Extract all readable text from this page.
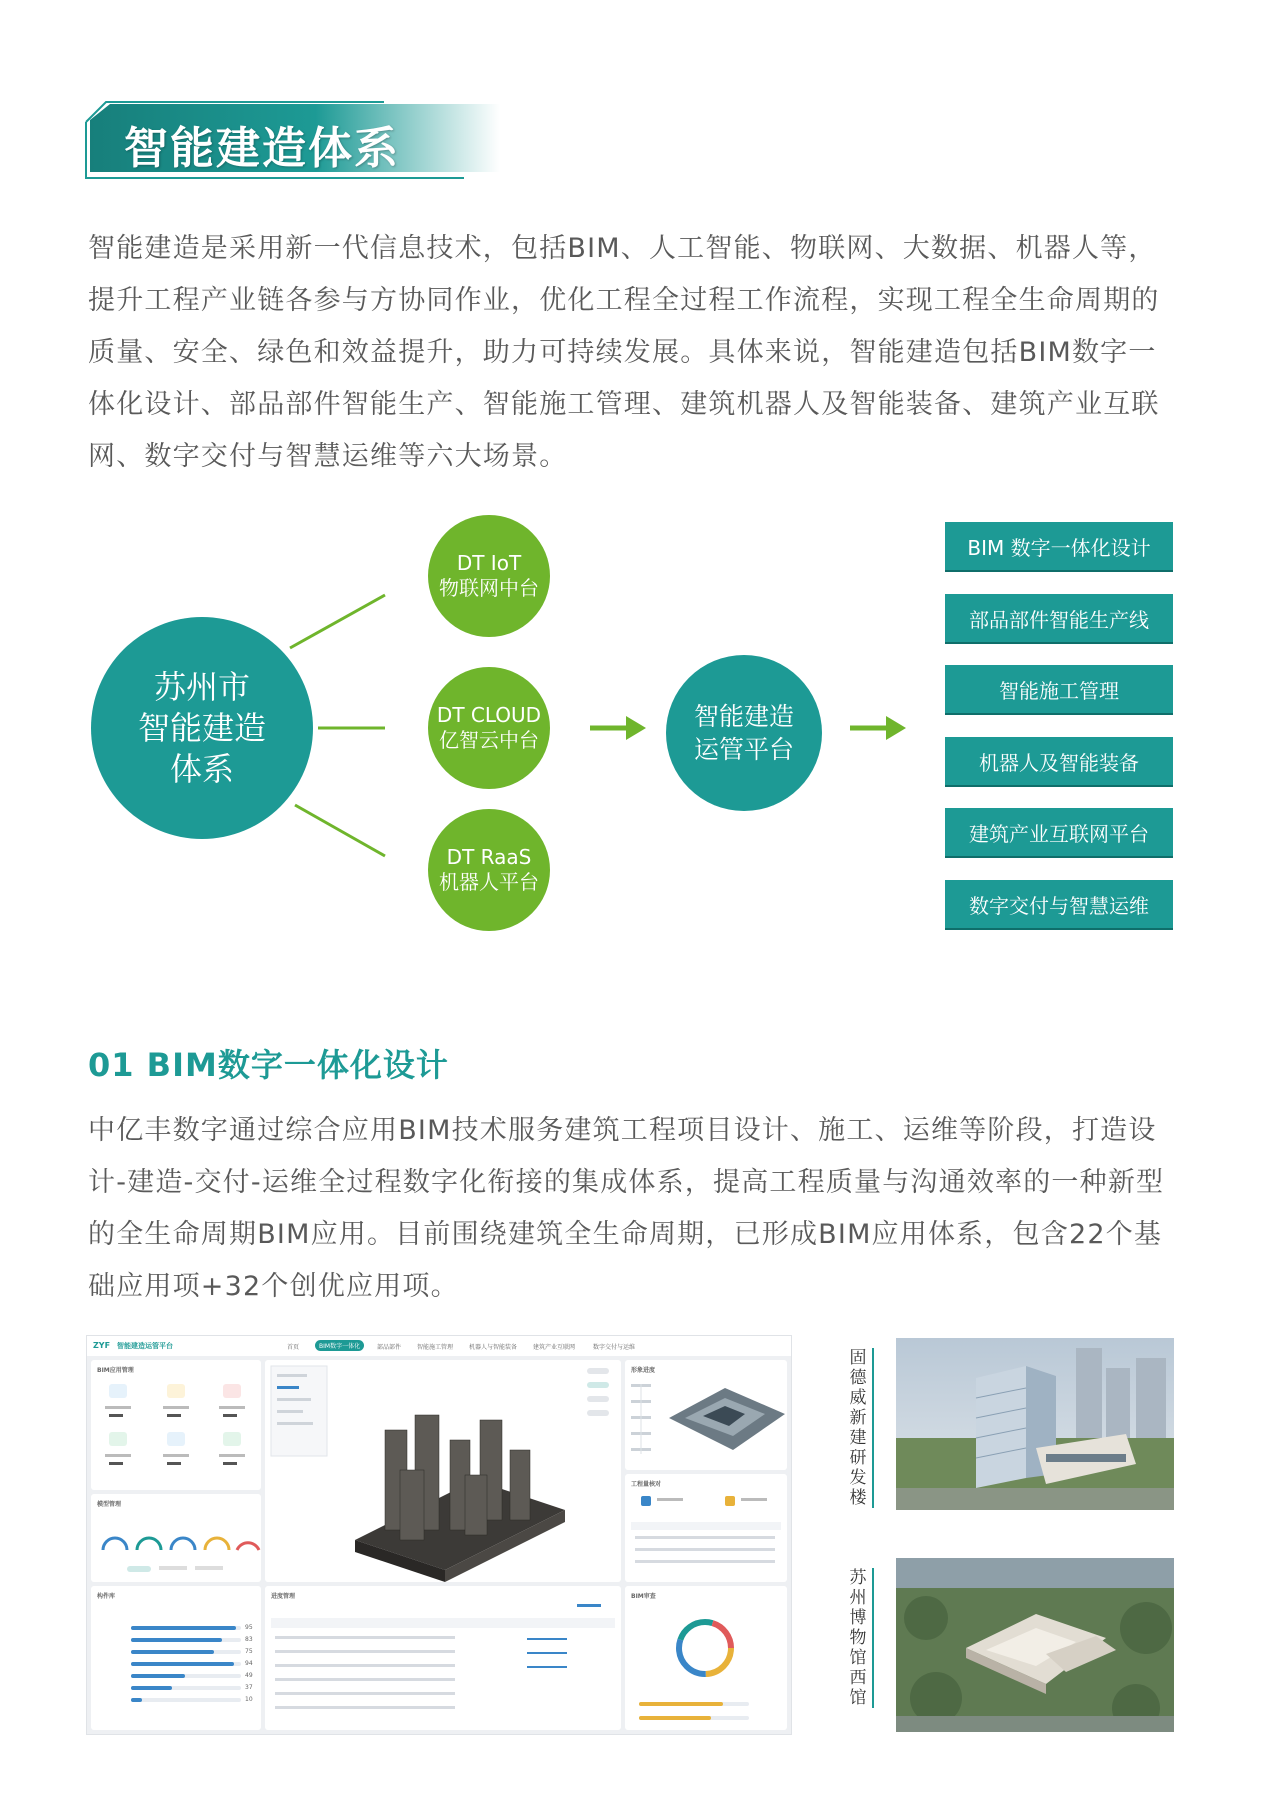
智能建造体系
智能建造是采用新一代信息技术，包括BIM、人工智能、物联网、大数据、机器人等，提升工程产业链各参与方协同作业，优化工程全过程工作流程，实现工程全生命周期的质量、安全、绿色和效益提升，助力可持续发展。具体来说，智能建造包括BIM数字一体化设计、部品部件智能生产、智能施工管理、建筑机器人及智能装备、建筑产业互联网、数字交付与智慧运维等六大场景。
苏州市
智能建造
体系
DT IoT
物联网中台
DT CLOUD
亿智云中台
DT RaaS
机器人平台
智能建造
运管平台
BIM 数字一体化设计
部品部件智能生产线
智能施工管理
机器人及智能装备
建筑产业互联网平台
数字交付与智慧运维
01 BIM数字一体化设计
中亿丰数字通过综合应用BIM技术服务建筑工程项目设计、施工、运维等阶段，打造设计-建造-交付-运维全过程数字化衔接的集成体系，提高工程质量与沟通效率的一种新型的全生命周期BIM应用。目前围绕建筑全生命周期，已形成BIM应用体系，包含22个基础应用项+32个创优应用项。
ZYF 智能建造运管平台	首页	BIM数字一体化	部品部件	智能施工管理	机器人与智能装备	建筑产业互联网	数字交付与运维
BIM应用管理
模型管理
构件库
95
83
75
94
49
37
10
进度管理
形象进度
工程量核对
BIM审查
固德威新建研发楼
苏州博物馆西馆
